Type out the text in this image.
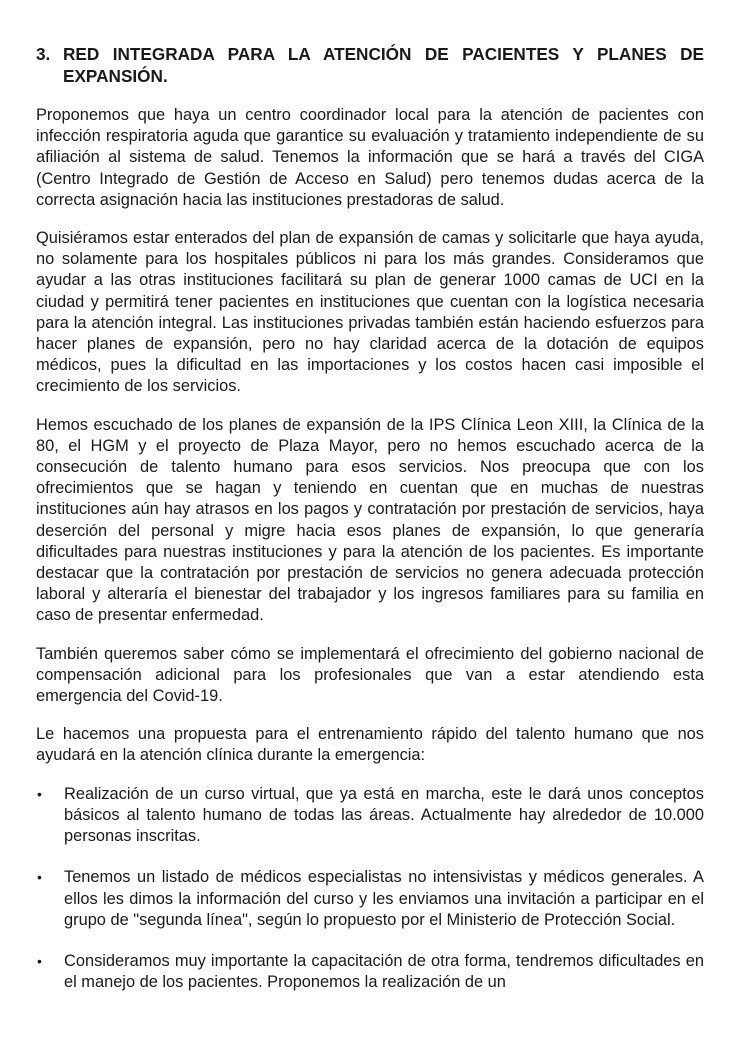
3. RED INTEGRADA PARA LA ATENCIÓN DE PACIENTES Y PLANES DE EXPANSIÓN.

Proponemos que haya un centro coordinador local para la atención de pacientes con infección respiratoria aguda que garantice su evaluación y tratamiento independiente de su afiliación al sistema de salud. Tenemos la información que se hará a través del CIGA (Centro Integrado de Gestión de Acceso en Salud) pero tenemos dudas acerca de la correcta asignación hacia las instituciones prestadoras de salud.

Quisiéramos estar enterados del plan de expansión de camas y solicitarle que haya ayuda, no solamente para los hospitales públicos ni para los más grandes. Consideramos que ayudar a las otras instituciones facilitará su plan de generar 1000 camas de UCI en la ciudad y permitirá tener pacientes en instituciones que cuentan con la logística necesaria para la atención integral. Las instituciones privadas también están haciendo esfuerzos para hacer planes de expansión, pero no hay claridad acerca de la dotación de equipos médicos, pues la dificultad en las importaciones y los costos hacen casi imposible el crecimiento de los servicios.

Hemos escuchado de los planes de expansión de la IPS Clínica Leon XIII, la Clínica de la 80, el HGM y el proyecto de Plaza Mayor, pero no hemos escuchado acerca de la consecución de talento humano para esos servicios. Nos preocupa que con los ofrecimientos que se hagan y teniendo en cuentan que en muchas de nuestras instituciones aún hay atrasos en los pagos y contratación por prestación de servicios, haya deserción del personal y migre hacia esos planes de expansión, lo que generaría dificultades para nuestras instituciones y para la atención de los pacientes. Es importante destacar que la contratación por prestación de servicios no genera adecuada protección laboral y alteraría el bienestar del trabajador y los ingresos familiares para su familia en caso de presentar enfermedad.

También queremos saber cómo se implementará el ofrecimiento del gobierno nacional de compensación adicional para los profesionales que van a estar atendiendo esta emergencia del Covid-19.

Le hacemos una propuesta para el entrenamiento rápido del talento humano que nos ayudará en la atención clínica durante la emergencia:

•	Realización de un curso virtual, que ya está en marcha, este le dará unos conceptos básicos al talento humano de todas las áreas. Actualmente hay alrededor de 10.000 personas inscritas.
•	Tenemos un listado de médicos especialistas no intensivistas y médicos generales. A ellos les dimos la información del curso y les enviamos una invitación a participar en el grupo de "segunda línea", según lo propuesto por el Ministerio de Protección Social.
•	Consideramos muy importante la capacitación de otra forma, tendremos dificultades en el manejo de los pacientes. Proponemos la realización de un
